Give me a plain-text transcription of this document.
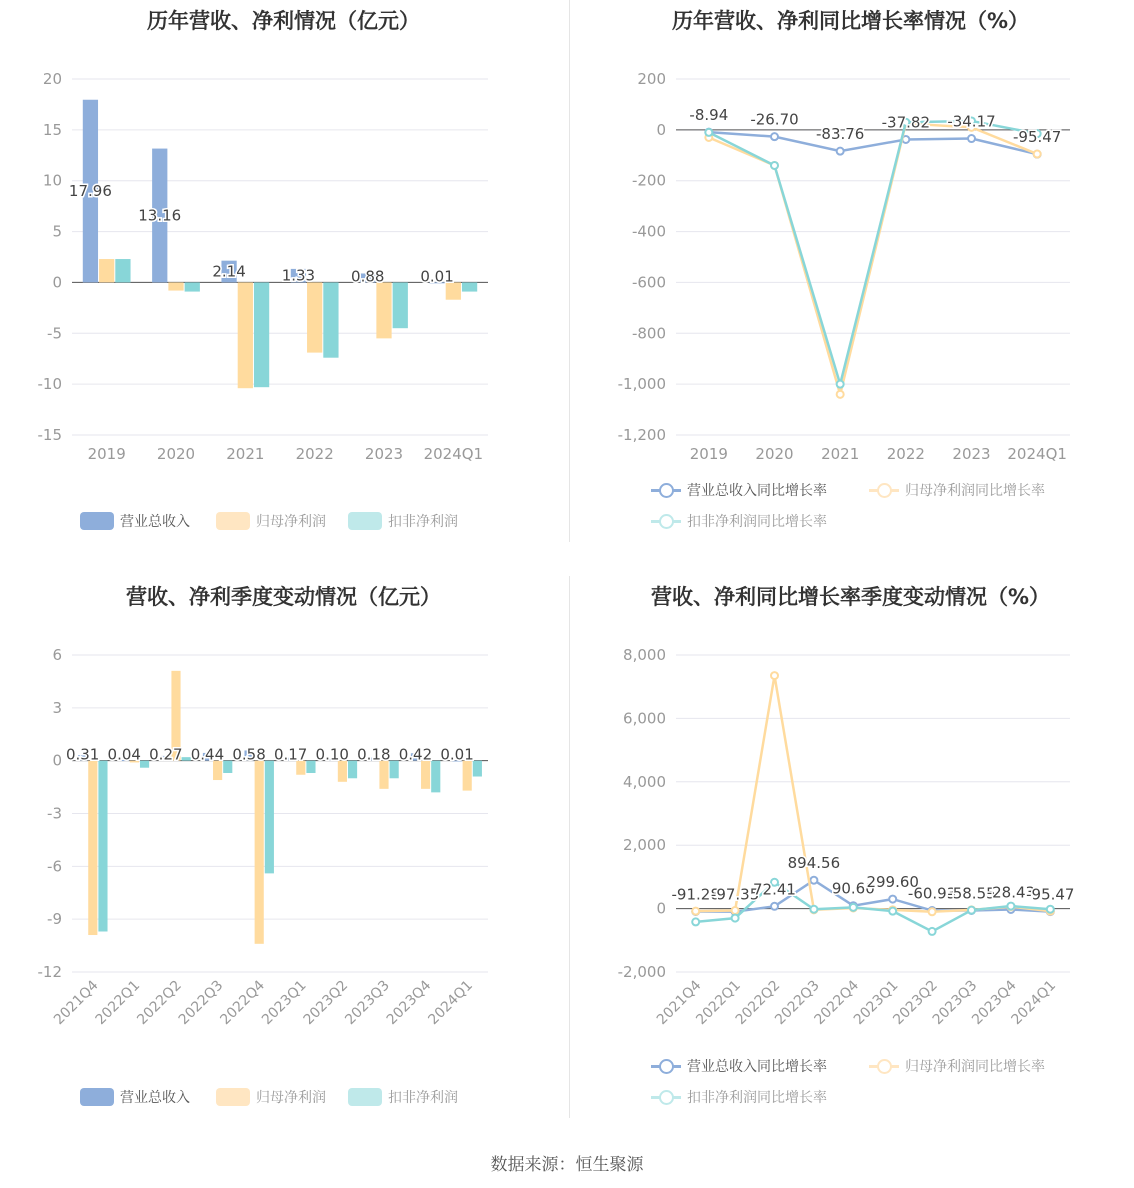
历年营收、净利情况（亿元）
20
15
10
5
0
-5
-10
-15
2019 2020 2021 2022 2023 2024Q1
17.96
13.16
2.14 1.33 0.88 0.01
营业总收入	归母净利润	扣非净利润
历年营收、净利同比增长率情况（%）
200
0
-200
-400
-600
-800
-1,000
-1,200
2019 2020 2021 2022 2023 2024Q1
-8.94 -26.70
-83.76
-37.82 -34.17
-95.47
营业总收入同比增长率	归母净利润同比增长率
扣非净利润同比增长率
营收、净利季度变动情况（亿元）
6
3
0
-3
-6
-9
-12
2021Q4
2022Q1
2022Q2
2022Q3
2022Q4
2023Q1
2023Q2
2023Q3
2023Q4
2024Q1
0.31 0.04 0.27 0.44 0.58 0.17 0.10 0.18 0.42 0.01
营业总收入	归母净利润	扣非净利润
营收、净利同比增长率季度变动情况（%）
8,000
6,000
4,000
2,000
0
-2,000
2021Q4
2022Q1
2022Q2
2022Q3
2022Q4
2023Q1
2023Q2
2023Q3
2023Q4
2024Q1
-91.28
-97.35
72.41
894.56
90.60
299.60
-60.93
-58.55
-28.43
-95.47
营业总收入同比增长率	归母净利润同比增长率
扣非净利润同比增长率
数据来源：恒生聚源
